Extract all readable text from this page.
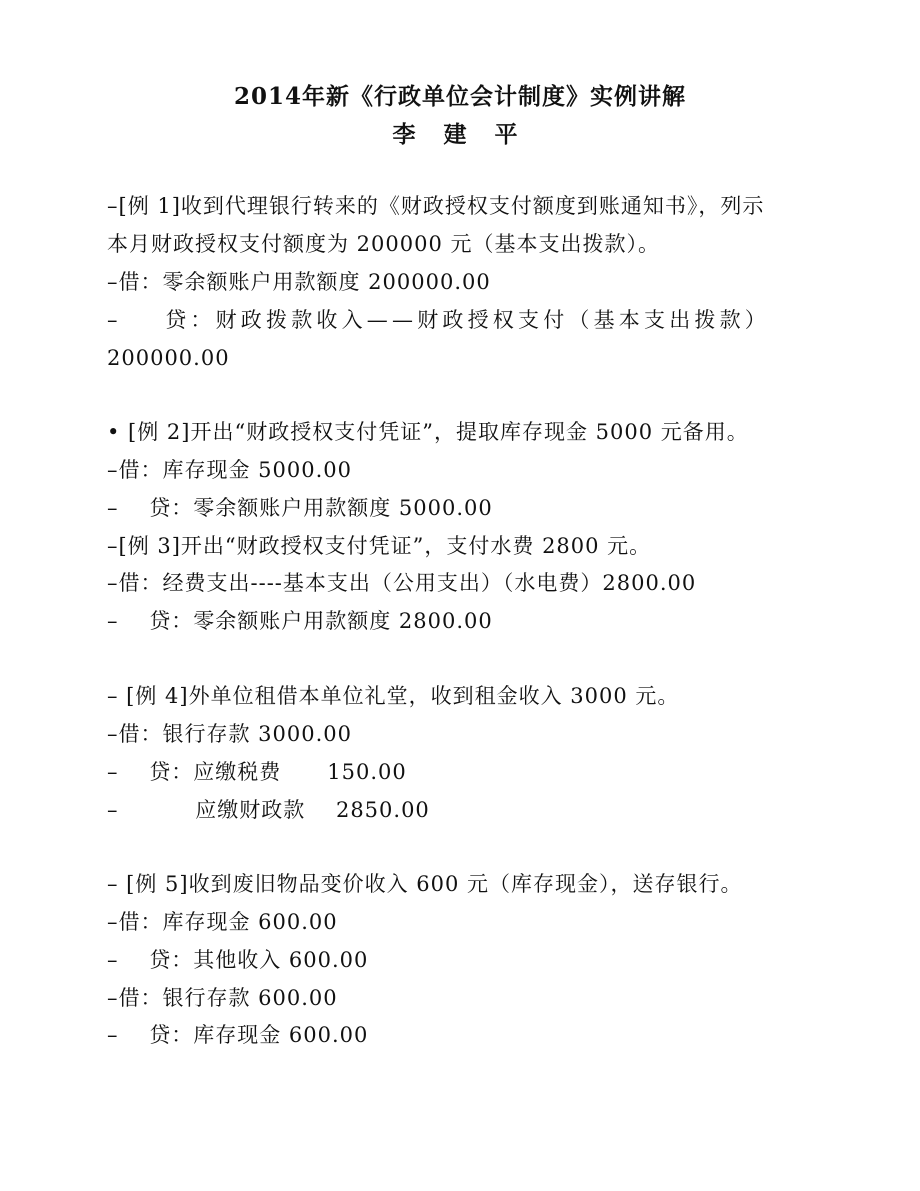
2014年新《行政单位会计制度》实例讲解
李 建 平
–[例 1]收到代理银行转来的《财政授权支付额度到账通知书》，列示
本月财政授权支付额度为 200000 元（基本支出拨款）。
–借：零余额账户用款额度 200000.00
–    贷：财政拨款收入——财政授权支付（基本支出拨款）
200000.00
• [例 2]开出“财政授权支付凭证”，提取库存现金 5000 元备用。
–借：库存现金 5000.00
–    贷：零余额账户用款额度 5000.00
–[例 3]开出“财政授权支付凭证”，支付水费 2800 元。
–借：经费支出----基本支出（公用支出）（水电费）2800.00
–    贷：零余额账户用款额度 2800.00
– [例 4]外单位租借本单位礼堂，收到租金收入 3000 元。
–借：银行存款 3000.00
–    贷：应缴税费      150.00
–          应缴财政款    2850.00
– [例 5]收到废旧物品变价收入 600 元（库存现金），送存银行。
–借：库存现金 600.00
–    贷：其他收入 600.00
–借：银行存款 600.00
–    贷：库存现金 600.00
